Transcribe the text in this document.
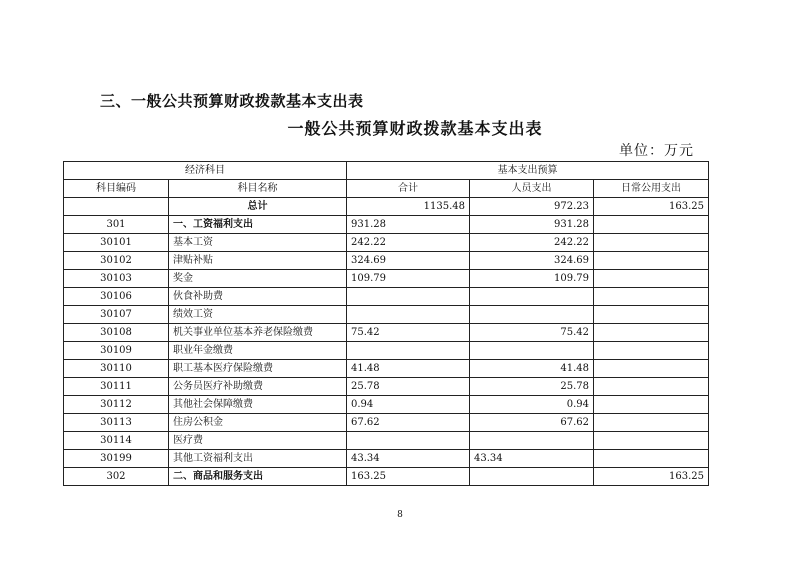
三、一般公共预算财政拨款基本支出表
一般公共预算财政拨款基本支出表
单位：万元
经济科目		基本支出预算		
科目编码	科目名称	合计	人员支出	日常公用支出
	总计	1135.48	972.23	163.25
301	一、工资福利支出	931.28	931.28	
30101	基本工资	242.22	242.22	
30102	津贴补贴	324.69	324.69	
30103	奖金	109.79	109.79	
30106	伙食补助费			
30107	绩效工资			
30108	机关事业单位基本养老保险缴费	75.42	75.42	
30109	职业年金缴费			
30110	职工基本医疗保险缴费	41.48	41.48	
30111	公务员医疗补助缴费	25.78	25.78	
30112	其他社会保障缴费	0.94	0.94	
30113	住房公积金	67.62	67.62	
30114	医疗费			
30199	其他工资福利支出	43.34	43.34	
302	二、商品和服务支出	163.25		163.25
8
